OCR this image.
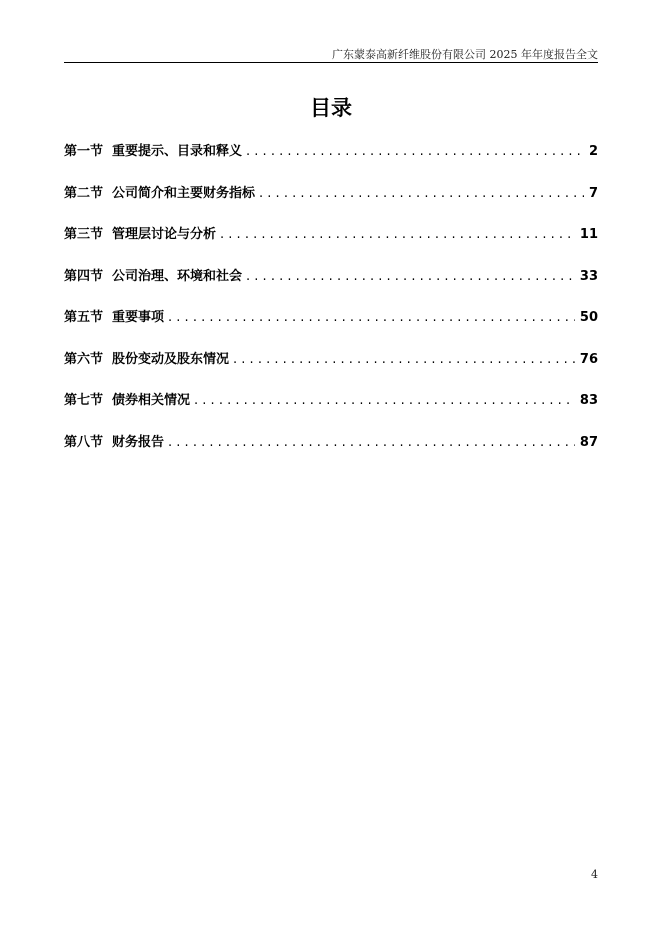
广东蒙泰高新纤维股份有限公司 2025 年年度报告全文
目录
第一节 重要提示、目录和释义 . . .	2
第二节 公司简介和主要财务指标 . . .	7
第三节 管理层讨论与分析 . . .	11
第四节 公司治理、环境和社会 . . .	33
第五节 重要事项 . . .	50
第六节 股份变动及股东情况 . . .	76
第七节 债券相关情况 . . .	83
第八节 财务报告 . . .	87
4
